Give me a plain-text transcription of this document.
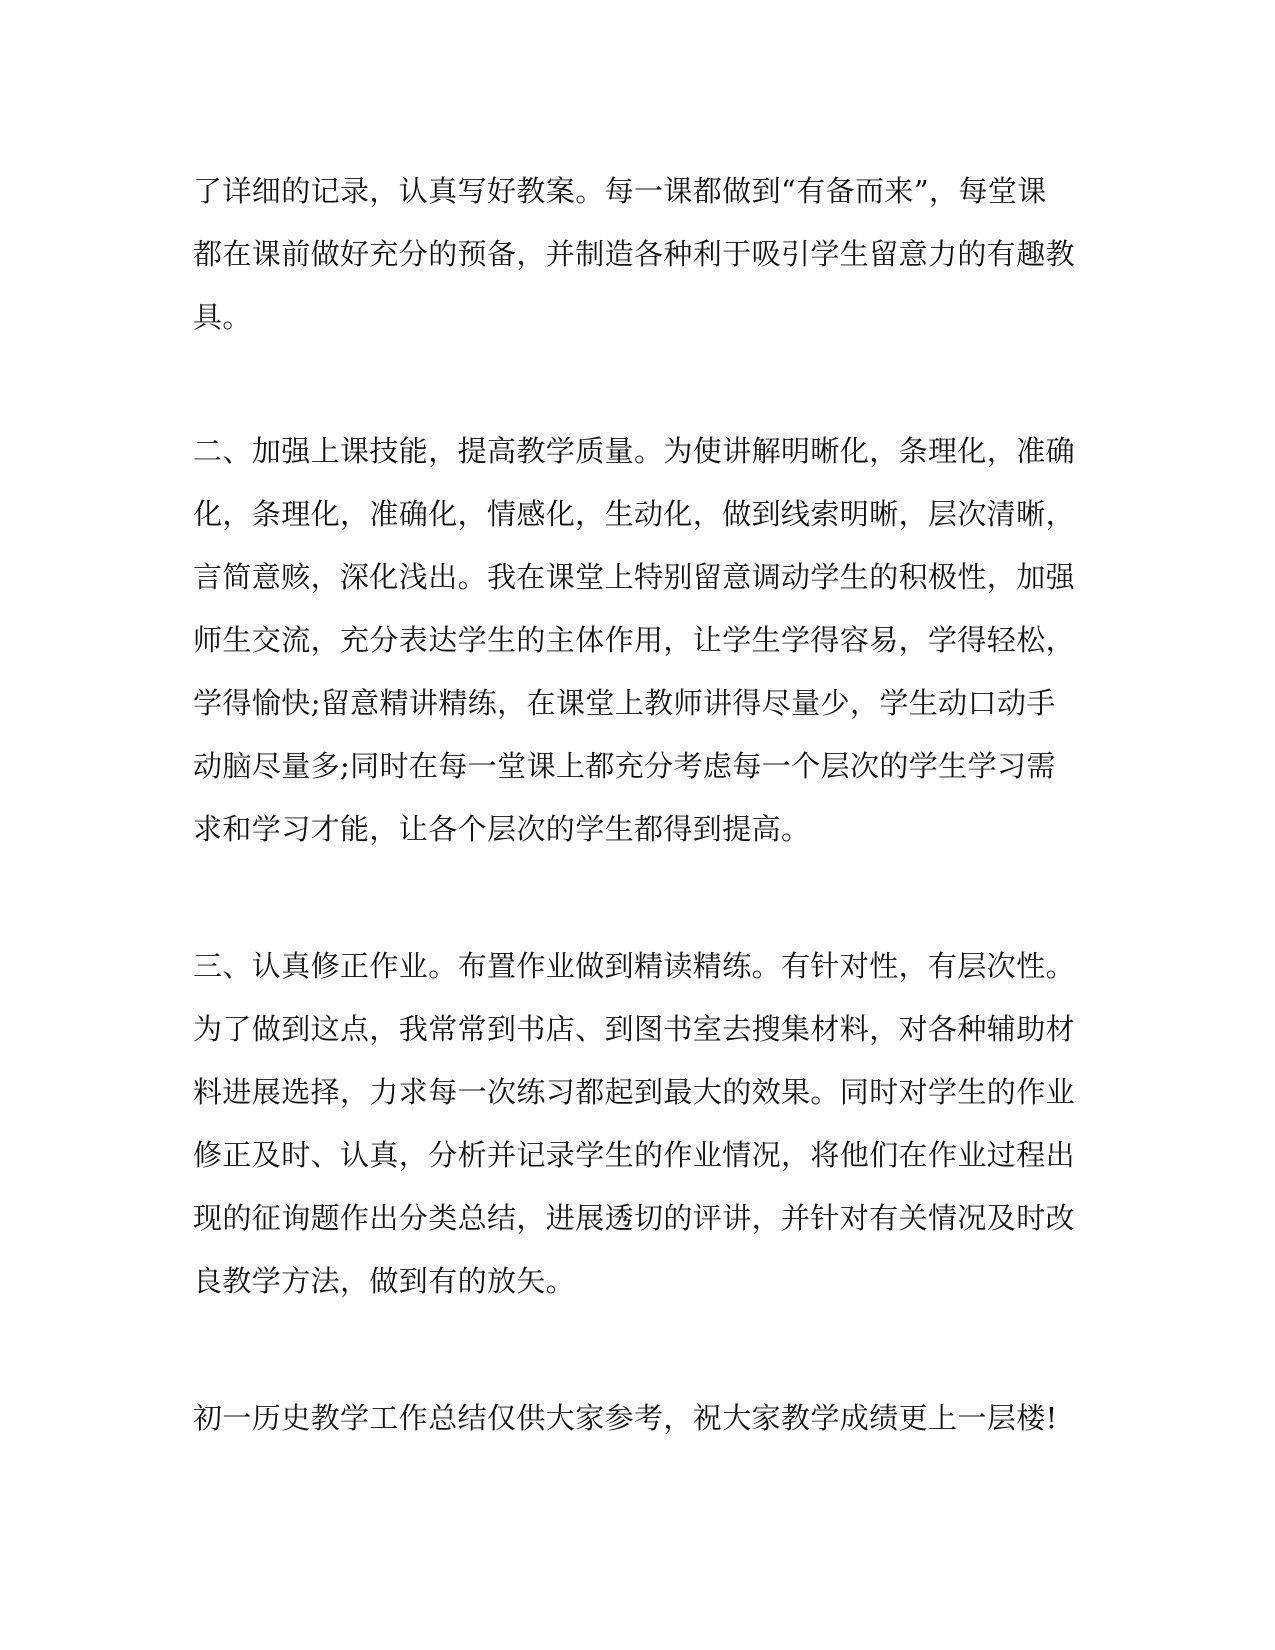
了详细的记录，认真写好教案。每一课都做到“有备而来”，每堂课
都在课前做好充分的预备，并制造各种利于吸引学生留意力的有趣教
具。
二、加强上课技能，提高教学质量。为使讲解明晰化，条理化，准确
化，条理化，准确化，情感化，生动化，做到线索明晰，层次清晰，
言简意赅，深化浅出。我在课堂上特别留意调动学生的积极性，加强
师生交流，充分表达学生的主体作用，让学生学得容易，学得轻松，
学得愉快;留意精讲精练，在课堂上教师讲得尽量少，学生动口动手
动脑尽量多;同时在每一堂课上都充分考虑每一个层次的学生学习需
求和学习才能，让各个层次的学生都得到提高。
三、认真修正作业。布置作业做到精读精练。有针对性，有层次性。
为了做到这点，我常常到书店、到图书室去搜集材料，对各种辅助材
料进展选择，力求每一次练习都起到最大的效果。同时对学生的作业
修正及时、认真，分析并记录学生的作业情况，将他们在作业过程出
现的征询题作出分类总结，进展透切的评讲，并针对有关情况及时改
良教学方法，做到有的放矢。
初一历史教学工作总结仅供大家参考，祝大家教学成绩更上一层楼!
